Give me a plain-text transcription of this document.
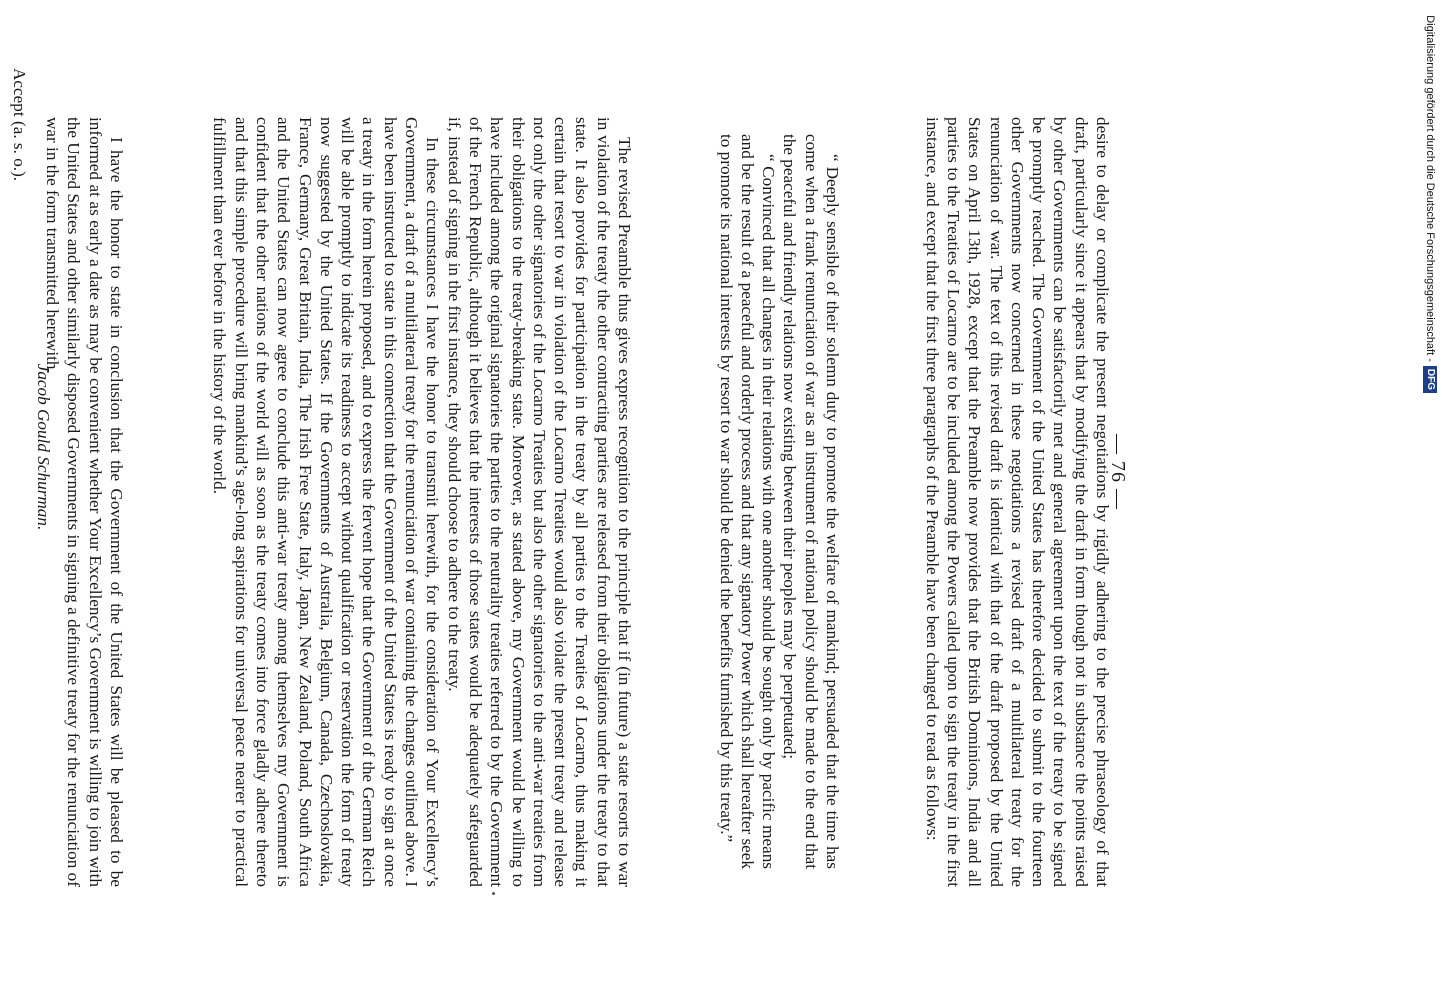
— 76 —

desire to delay or complicate the present negotiations by rigidly adhering to the precise phraseology of that draft, particularly since it appears that by modifying the draft in form though not in substance the points raised by other Governments can be satisfactorily met and general agreement upon the text of the treaty to be signed be promptly reached. The Government of the United States has therefore decided to submit to the fourteen other Governments now concerned in these negotiations a revised draft of a multilateral treaty for the renunciation of war. The text of this revised draft is identical with that of the draft proposed by the United States on April 13th, 1928, except that the Preamble now provides that the British Dominions, India and all parties to the Treaties of Locarno are to be included among the Powers called upon to sign the treaty in the first instance, and except that the first three paragraphs of the Preamble have been changed to read as follows:

“ Deeply sensible of their solemn duty to promote the welfare of mankind; persuaded that the time has come when a frank renunciation of war as an instrument of national policy should be made to the end that the peaceful and friendly relations now existing between their peoples may be perpetuated;

“ Convinced that all changes in their relations with one another should be sought only by pacific means and be the result of a peaceful and orderly process and that any signatory Power which shall hereafter seek to promote its national interests by resort to war should be denied the benefits furnished by this treaty.”

The revised Preamble thus gives express recognition to the principle that if (in future) a state resorts to war in violation of the treaty the other contracting parties are released from their obligations under the treaty to that state. It also provides for participation in the treaty by all parties to the Treaties of Locarno, thus making it certain that resort to war in violation of the Locarno Treaties would also violate the present treaty and release not only the other signatories of the Locarno Treaties but also the other signatories to the anti-war treaties from their obligations to the treaty-breaking state. Moreover, as stated above, my Government would be willing to have included among the original signatories the parties to the neutrality treaties referred to by the Government of the French Republic, although it believes that the interests of those states would be adequately safeguarded if, instead of signing in the first instance, they should choose to adhere to the treaty.

In these circumstances I have the honor to transmit herewith, for the consideration of Your Excellency’s Government, a draft of a multilateral treaty for the renunciation of war containing the changes outlined above. I have been instructed to state in this connection that the Government of the United States is ready to sign at once a treaty in the form herein proposed, and to express the fervent hope that the Government of the German Reich will be able promptly to indicate its readiness to accept without qualification or reservation the form of treaty now suggested by the United States. If the Governments of Australia, Belgium, Canada, Czechoslovakia, France, Germany, Great Britain, India, The Irish Free State, Italy, Japan, New Zealand, Poland, South Africa and the United States can now agree to conclude this anti-war treaty among themselves my Government is confident that the other nations of the world will as soon as the treaty comes into force gladly adhere thereto and that this simple procedure will bring mankind’s age-long aspirations for universal peace nearer to practical fulfillment than ever before in the history of the world.

I have the honor to state in conclusion that the Government of the United States will be pleased to be informed at as early a date as may be convenient whether Your Excellency’s Government is willing to join with the United States and other similarly disposed Governments in signing a definitive treaty for the renunciation of war in the form transmitted herewith.

Jacob Gould Schurman.
Accept (a. s. o.).	Digitalisierung gefördert durch die Deutsche Forschungsgemeinschaft -
DFG
